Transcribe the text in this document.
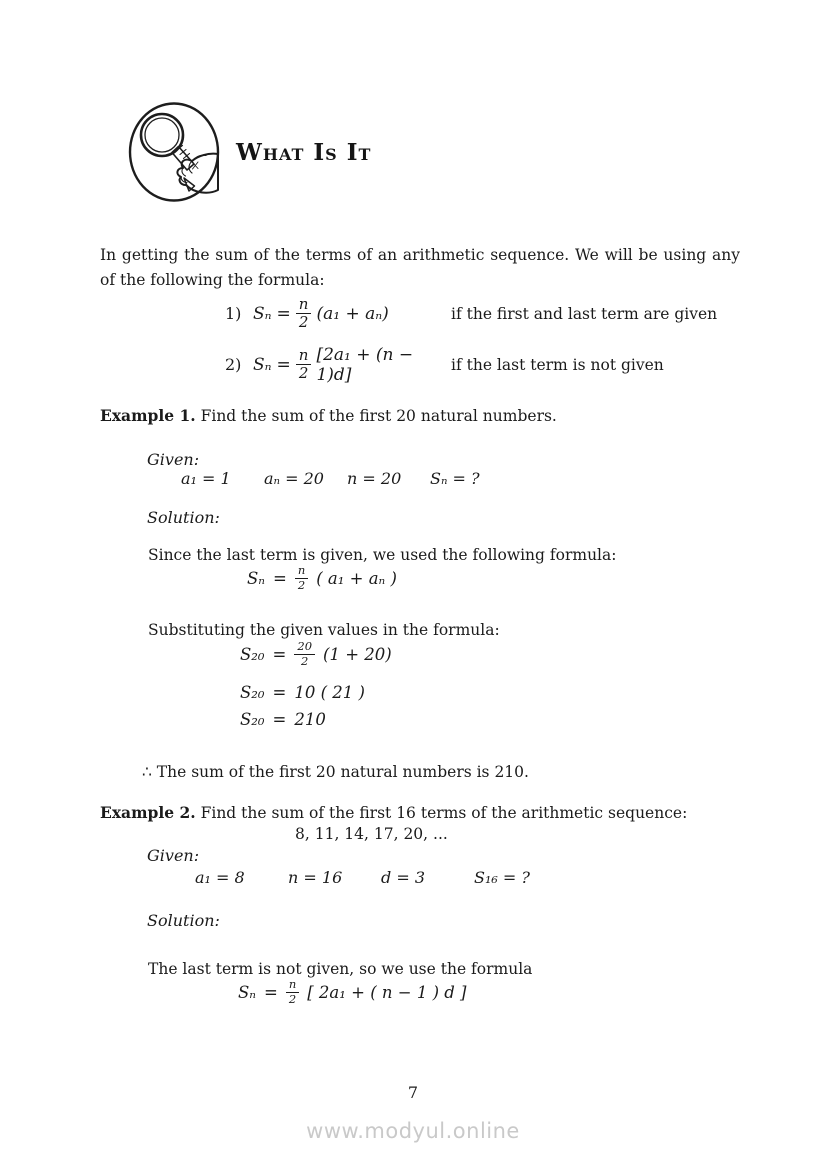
What Is It

In getting the sum of the terms of an arithmetic sequence. We will be using any of the following the formula:

1) $S_n = \frac{n}{2} (a_1 + a_n)$	if the first and last term are given
2) $S_n = \frac{n}{2} [2a_1 + (n - 1)d]$	if the last term is not given
Example 1. Find the sum of the first 20 natural numbers.
Given:
a₁ = 1	aₙ = 20	n = 20	Sₙ = ?
Solution:
Since the last term is given, we used the following formula:
$S_n = \frac{n}{2}$ ( a₁ + aₙ )
Substituting the given values in the formula:
$S_{20} = \frac{20}{2} (1 + 20)$
S₂₀ = 10 ( 21 )
S₂₀ = 210
∴ The sum of the first 20 natural numbers is 210.
Example 2. Find the sum of the first 16 terms of the arithmetic sequence:
8, 11, 14, 17, 20, ...
Given:
a₁ = 8	n = 16	d = 3	S₁₆ = ?
Solution:
The last term is not given, so we use the formula
$S_n = \frac{n}{2}$ [ 2a₁ + ( n − 1 ) d ]
7
www.modyul.online
